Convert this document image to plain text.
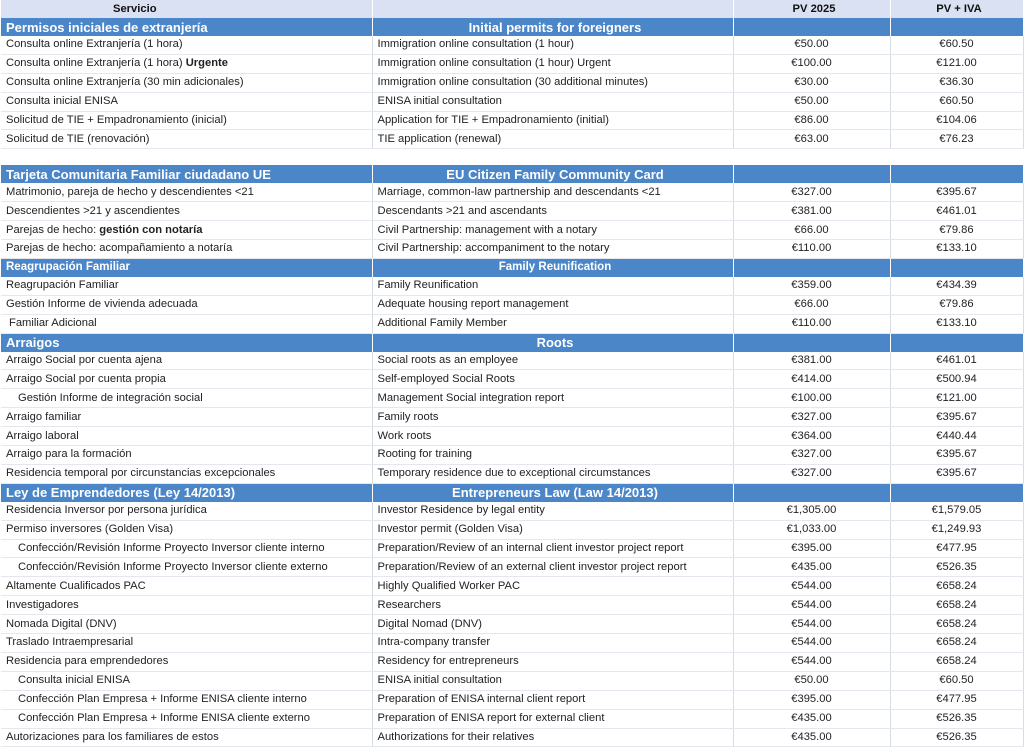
Servicio		PV 2025	PV + IVA
Permisos iniciales de extranjería	Initial permits for foreigners		
Consulta online Extranjería (1 hora)	Immigration online consultation (1 hour)	€50.00	€60.50
Consulta online Extranjería (1 hora) Urgente	Immigration online consultation (1 hour) Urgent	€100.00	€121.00
Consulta online Extranjería (30 min adicionales)	Immigration online consultation (30 additional minutes)	€30.00	€36.30
Consulta inicial ENISA	ENISA initial consultation	€50.00	€60.50
Solicitud de TIE + Empadronamiento (inicial)	Application for TIE + Empadronamiento (initial)	€86.00	€104.06
Solicitud de TIE (renovación)	TIE application (renewal)	€63.00	€76.23

Tarjeta Comunitaria Familiar ciudadano UE	EU Citizen Family Community Card		
Matrimonio, pareja de hecho y descendientes <21	Marriage, common-law partnership and descendants <21	€327.00	€395.67
Descendientes >21 y ascendientes	Descendants >21 and ascendants	€381.00	€461.01
Parejas de hecho: gestión con notaría	Civil Partnership: management with a notary	€66.00	€79.86
Parejas de hecho: acompañamiento a notaría	Civil Partnership: accompaniment to the notary	€110.00	€133.10
Reagrupación Familiar	Family Reunification		
Reagrupación Familiar	Family Reunification	€359.00	€434.39
Gestión Informe de vivienda adecuada	Adequate housing report management	€66.00	€79.86
Familiar Adicional	Additional Family Member	€110.00	€133.10
Arraigos	Roots		
Arraigo Social por cuenta ajena	Social roots as an employee	€381.00	€461.01
Arraigo Social por cuenta propia	Self-employed Social Roots	€414.00	€500.94
Gestión Informe de integración social	Management Social integration report	€100.00	€121.00
Arraigo familiar	Family roots	€327.00	€395.67
Arraigo laboral	Work roots	€364.00	€440.44
Arraigo para la formación	Rooting for training	€327.00	€395.67
Residencia temporal por circunstancias excepcionales	Temporary residence due to exceptional circumstances	€327.00	€395.67
Ley de Emprendedores (Ley 14/2013)	Entrepreneurs Law (Law 14/2013)		
Residencia Inversor por persona jurídica	Investor Residence by legal entity	€1,305.00	€1,579.05
Permiso inversores (Golden Visa)	Investor permit (Golden Visa)	€1,033.00	€1,249.93
Confección/Revisión Informe Proyecto Inversor cliente interno	Preparation/Review of an internal client investor project report	€395.00	€477.95
Confección/Revisión Informe Proyecto Inversor cliente externo	Preparation/Review of an external client investor project report	€435.00	€526.35
Altamente Cualificados PAC	Highly Qualified Worker PAC	€544.00	€658.24
Investigadores	Researchers	€544.00	€658.24
Nomada Digital (DNV)	Digital Nomad (DNV)	€544.00	€658.24
Traslado Intraempresarial	Intra-company transfer	€544.00	€658.24
Residencia para emprendedores	Residency for entrepreneurs	€544.00	€658.24
Consulta inicial ENISA	ENISA initial consultation	€50.00	€60.50
Confección Plan Empresa + Informe ENISA cliente interno	Preparation of ENISA internal client report	€395.00	€477.95
Confección Plan Empresa + Informe ENISA cliente externo	Preparation of ENISA report for external client	€435.00	€526.35
Autorizaciones para los familiares de estos	Authorizations for their relatives	€435.00	€526.35
